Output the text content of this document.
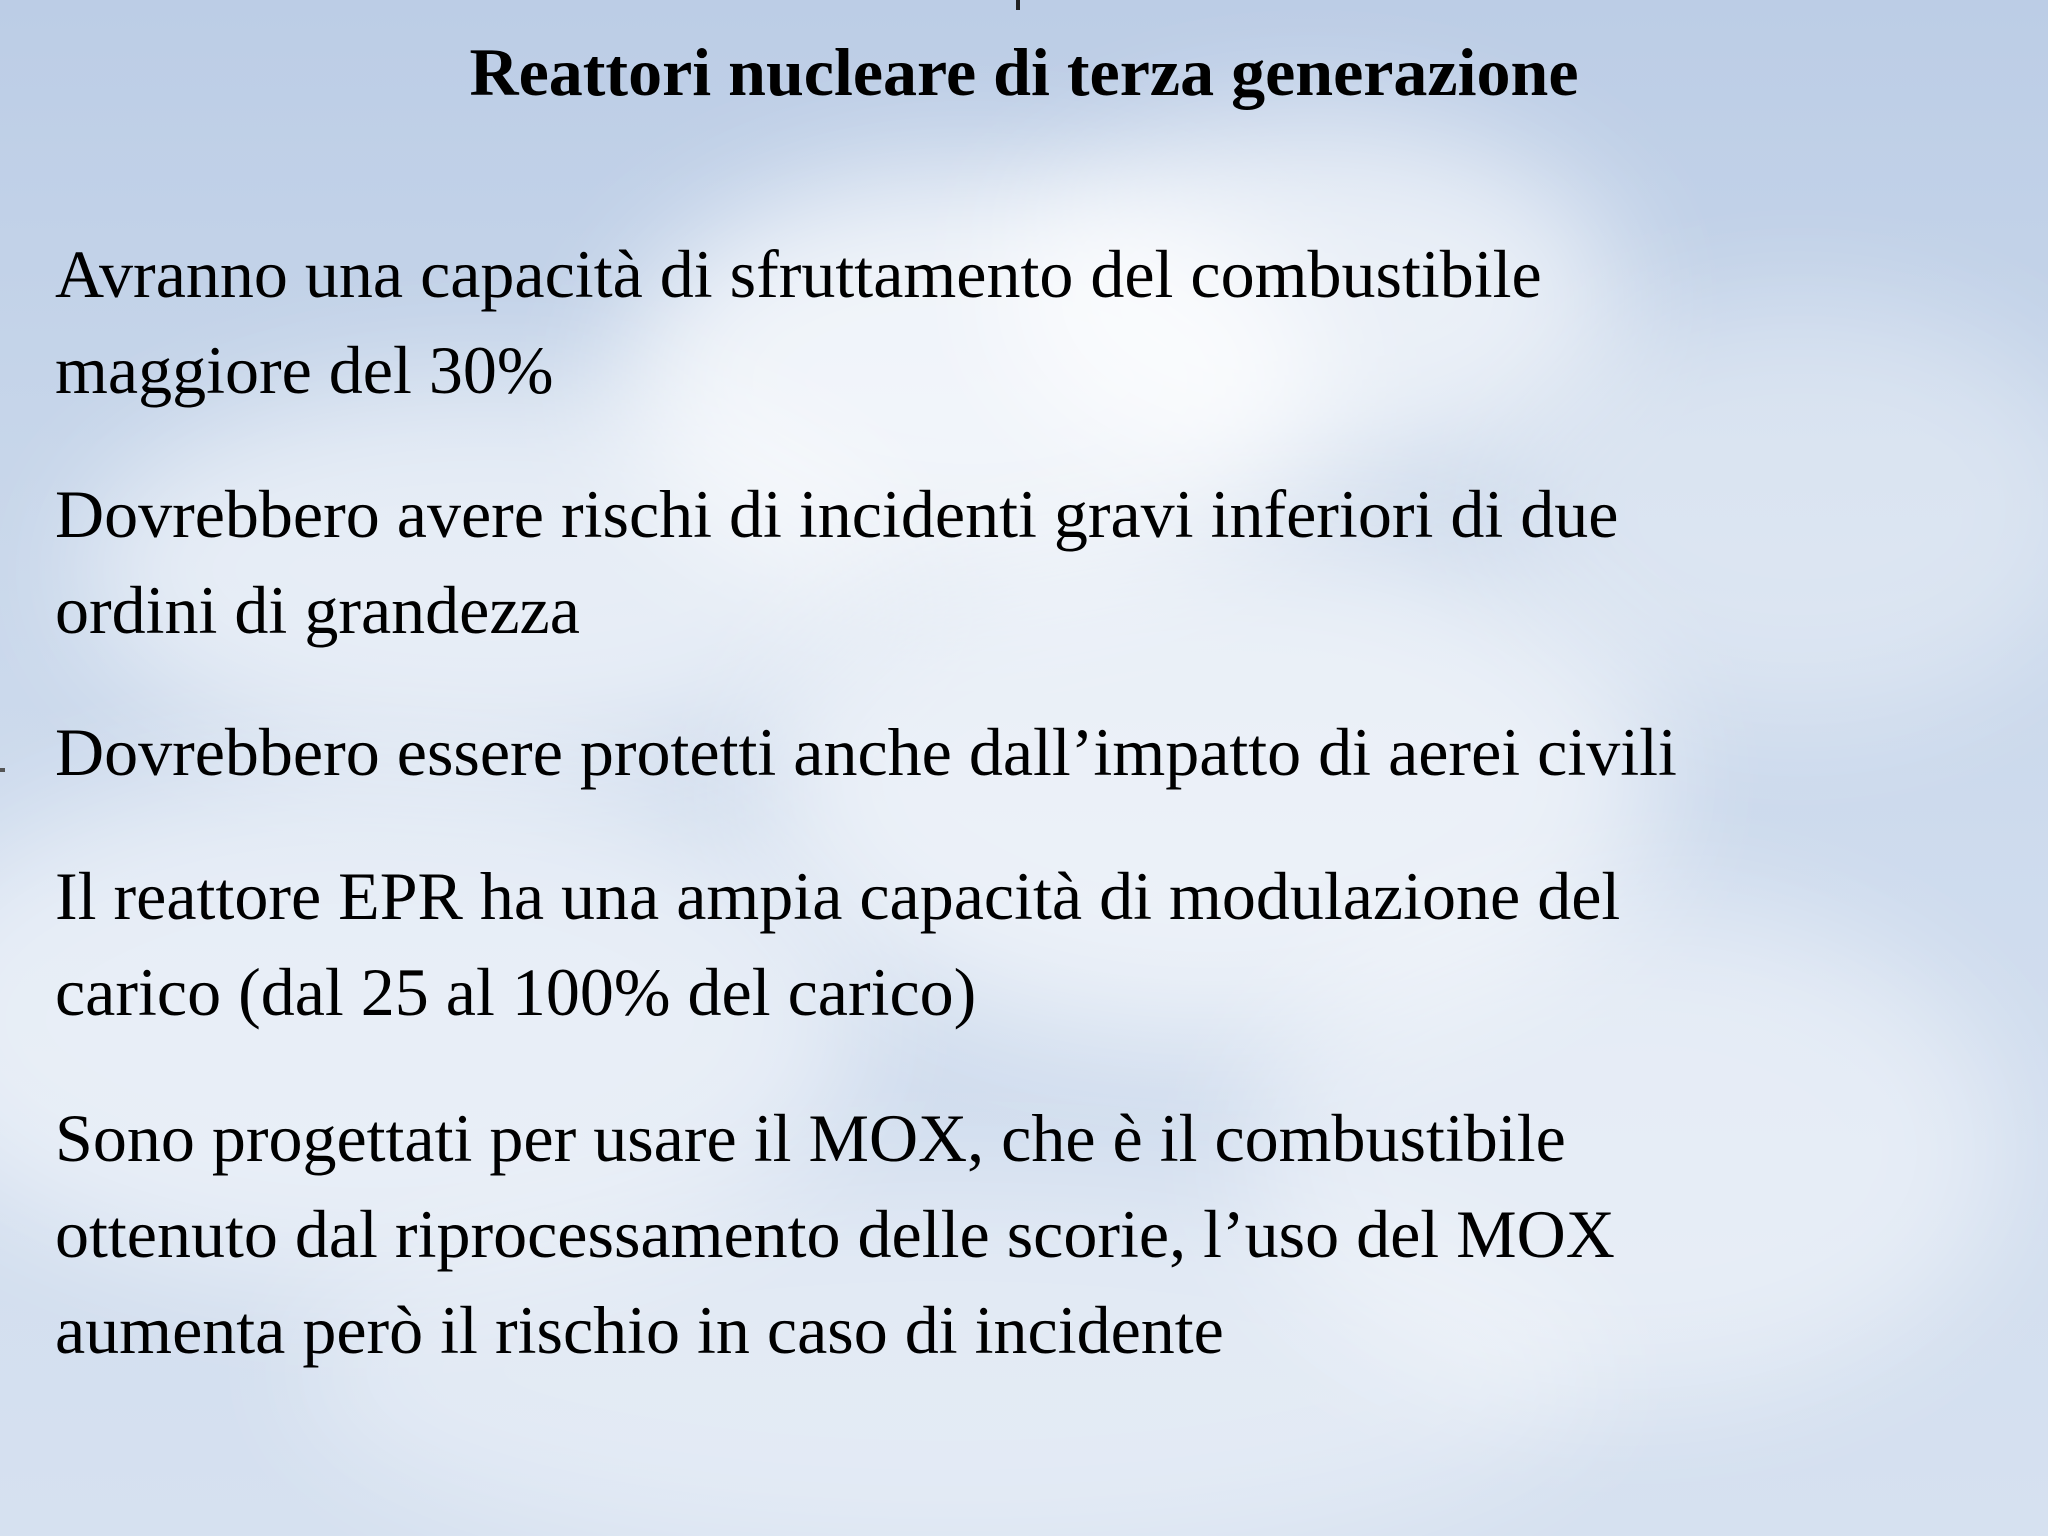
Reattori nucleare di terza generazione
Avranno una capacità di sfruttamento del combustibile
maggiore del 30%
Dovrebbero avere rischi di incidenti gravi inferiori di due
ordini di grandezza
Dovrebbero essere protetti anche dall’impatto di aerei civili
Il reattore EPR ha una ampia capacità di modulazione del
carico (dal 25 al 100% del carico)
Sono progettati per usare il MOX, che è il combustibile
ottenuto dal riprocessamento delle scorie, l’uso del MOX
aumenta però il rischio in caso di incidente
